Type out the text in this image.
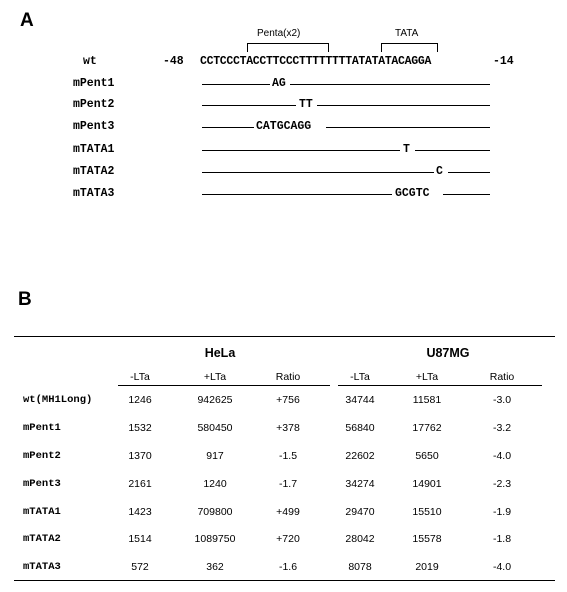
A
Penta(x2)	TATA
wt	-48 CCTCCCTACCTTCCCTTTTTTTTATATATACAGGA	-14
mPent1	AG
mPent2	TT
mPent3	CATGCAGG
mTATA1	T
mTATA2	C
mTATA3	GCGTC
B
HeLa	U87MG
-LTa	+LTa	Ratio	-LTa	+LTa	Ratio
wt(MH1Long)	1246	942625	+756	34744	11581	-3.0
mPent1	1532	580450	+378	56840	17762	-3.2
mPent2	1370	917	-1.5	22602	5650	-4.0
mPent3	2161	1240	-1.7	34274	14901	-2.3
mTATA1	1423	709800	+499	29470	15510	-1.9
mTATA2	1514	1089750	+720	28042	15578	-1.8
mTATA3	572	362	-1.6	8078	2019	-4.0
